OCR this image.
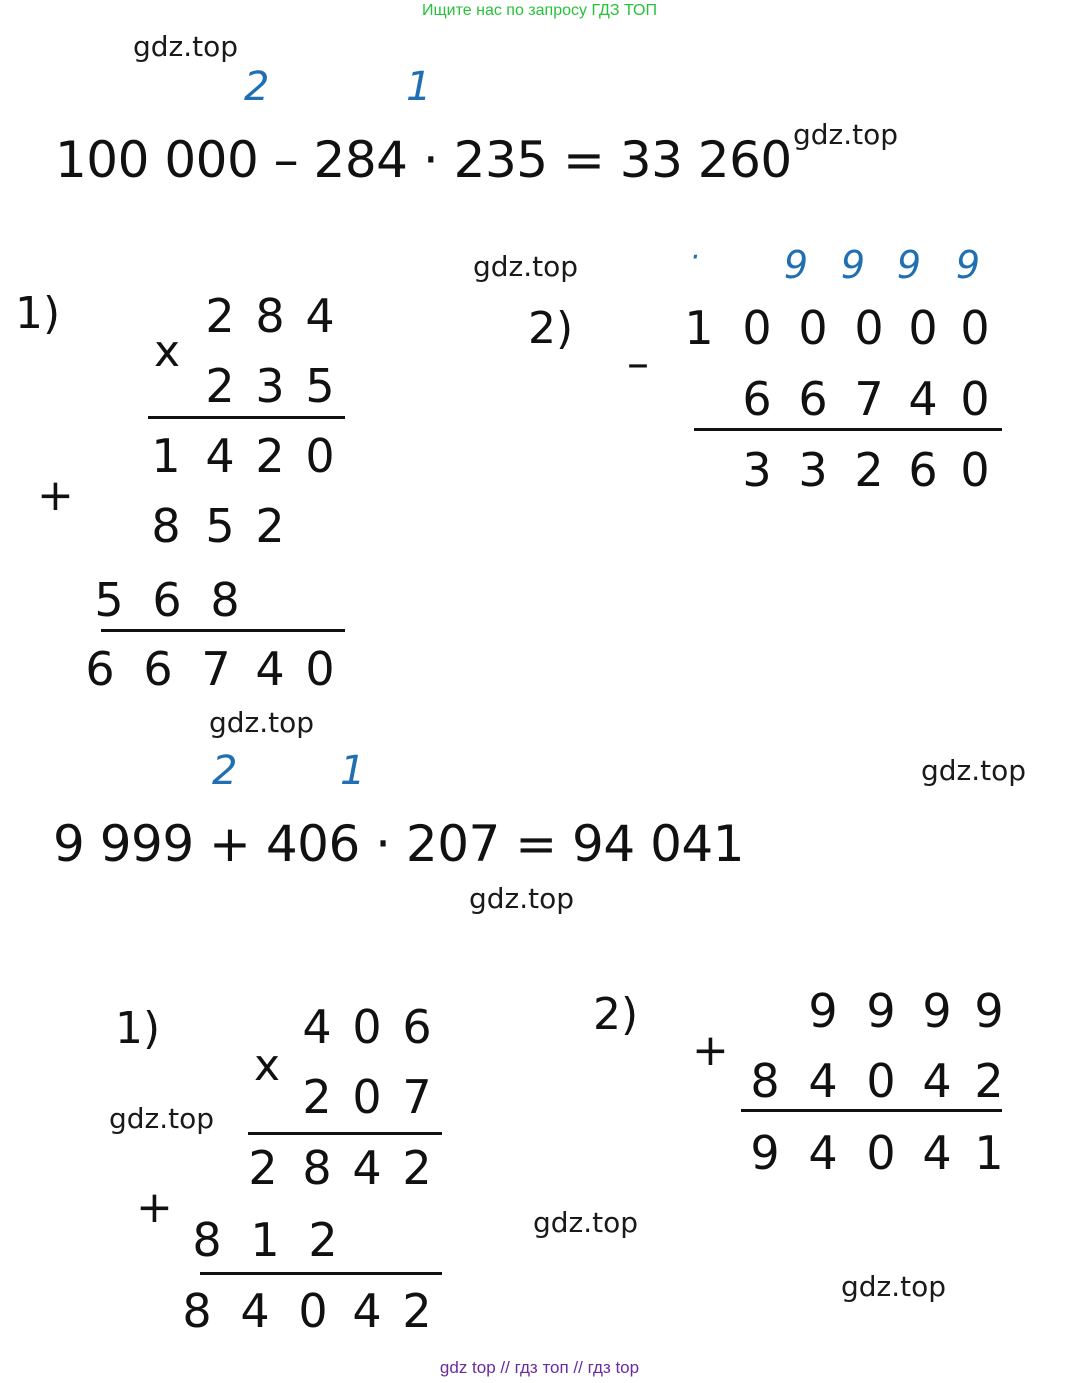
Ищите нас по запросу ГДЗ ТОП
gdz.top
gdz.top
gdz.top
gdz.top
gdz.top
gdz.top
gdz.top
gdz.top
gdz.top
2	1
100 000 – 284 · 235 = 33 260
1)
x
+
2 8 4
2 3 5
1 4 2 0
8 5 2
5 6 8
6 6 7 4 0
2)
–
·	9 9 9 9
1 0 0 0 0 0
6 6 7 4 0
3 3 2 6 0
2	1
9 999 + 406 · 207 = 94 041
1)
x
+
4 0 6
2 0 7
2 8 4 2
8 1 2
8 4 0 4 2
2)
+
9 9 9 9
8 4 0 4 2
9 4 0 4 1
gdz top // гдз топ // гдз top
